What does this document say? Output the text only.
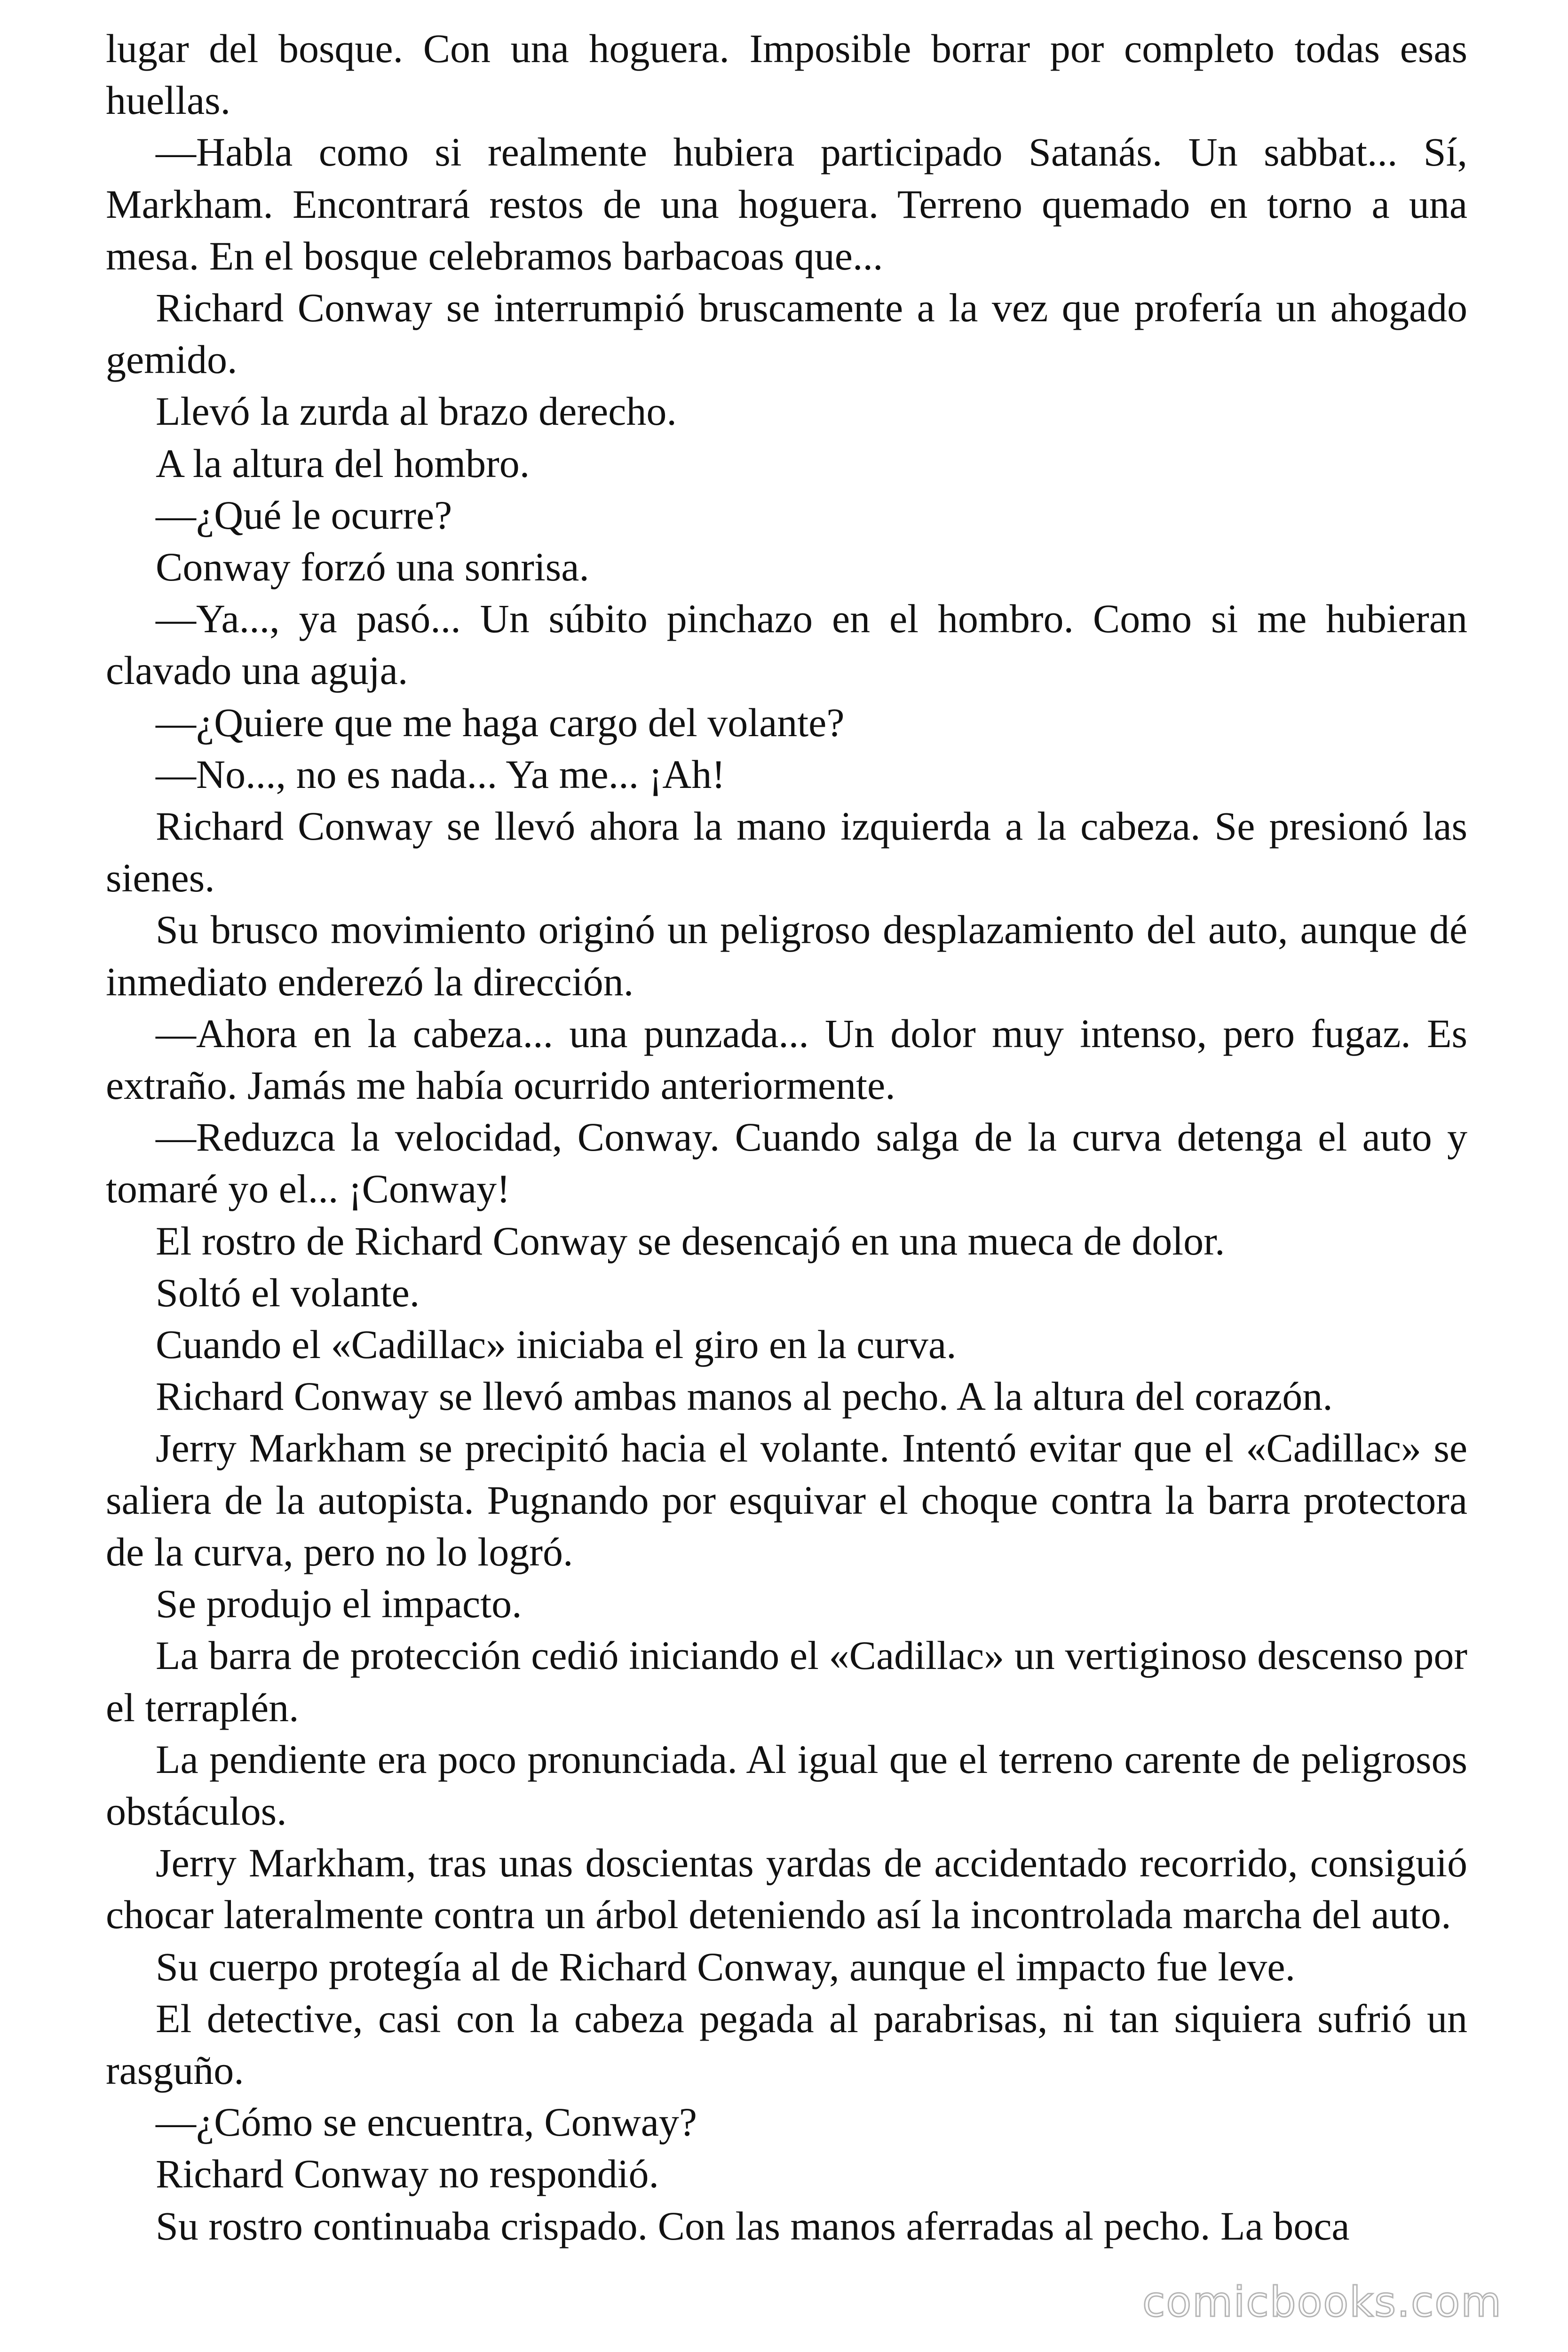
lugar del bosque. Con una hoguera. Imposible borrar por completo todas esas huellas.

—Habla como si realmente hubiera participado Satanás. Un sabbat... Sí, Markham. Encontrará restos de una hoguera. Terreno quemado en torno a una mesa. En el bosque celebramos barbacoas que...

Richard Conway se interrumpió bruscamente a la vez que profería un ahogado gemido.

Llevó la zurda al brazo derecho.

A la altura del hombro.

—¿Qué le ocurre?

Conway forzó una sonrisa.

—Ya..., ya pasó... Un súbito pinchazo en el hombro. Como si me hubieran clavado una aguja.

—¿Quiere que me haga cargo del volante?

—No..., no es nada... Ya me... ¡Ah!

Richard Conway se llevó ahora la mano izquierda a la cabeza. Se presionó las sienes.

Su brusco movimiento originó un peligroso desplazamiento del auto, aunque dé inmediato enderezó la dirección.

—Ahora en la cabeza... una punzada... Un dolor muy intenso, pero fugaz. Es extraño. Jamás me había ocurrido anteriormente.

—Reduzca la velocidad, Conway. Cuando salga de la curva detenga el auto y tomaré yo el... ¡Conway!

El rostro de Richard Conway se desencajó en una mueca de dolor.

Soltó el volante.

Cuando el «Cadillac» iniciaba el giro en la curva.

Richard Conway se llevó ambas manos al pecho. A la altura del corazón.

Jerry Markham se precipitó hacia el volante. Intentó evitar que el «Cadillac» se saliera de la autopista. Pugnando por esquivar el choque contra la barra protectora de la curva, pero no lo logró.

Se produjo el impacto.

La barra de protección cedió iniciando el «Cadillac» un vertiginoso descenso por el terraplén.

La pendiente era poco pronunciada. Al igual que el terreno carente de peligrosos obstáculos.

Jerry Markham, tras unas doscientas yardas de accidentado recorrido, consiguió chocar lateralmente contra un árbol deteniendo así la incontrolada marcha del auto.

Su cuerpo protegía al de Richard Conway, aunque el impacto fue leve.

El detective, casi con la cabeza pegada al parabrisas, ni tan siquiera sufrió un rasguño.

—¿Cómo se encuentra, Conway?

Richard Conway no respondió.

Su rostro continuaba crispado. Con las manos aferradas al pecho. La boca

comicbooks.com
